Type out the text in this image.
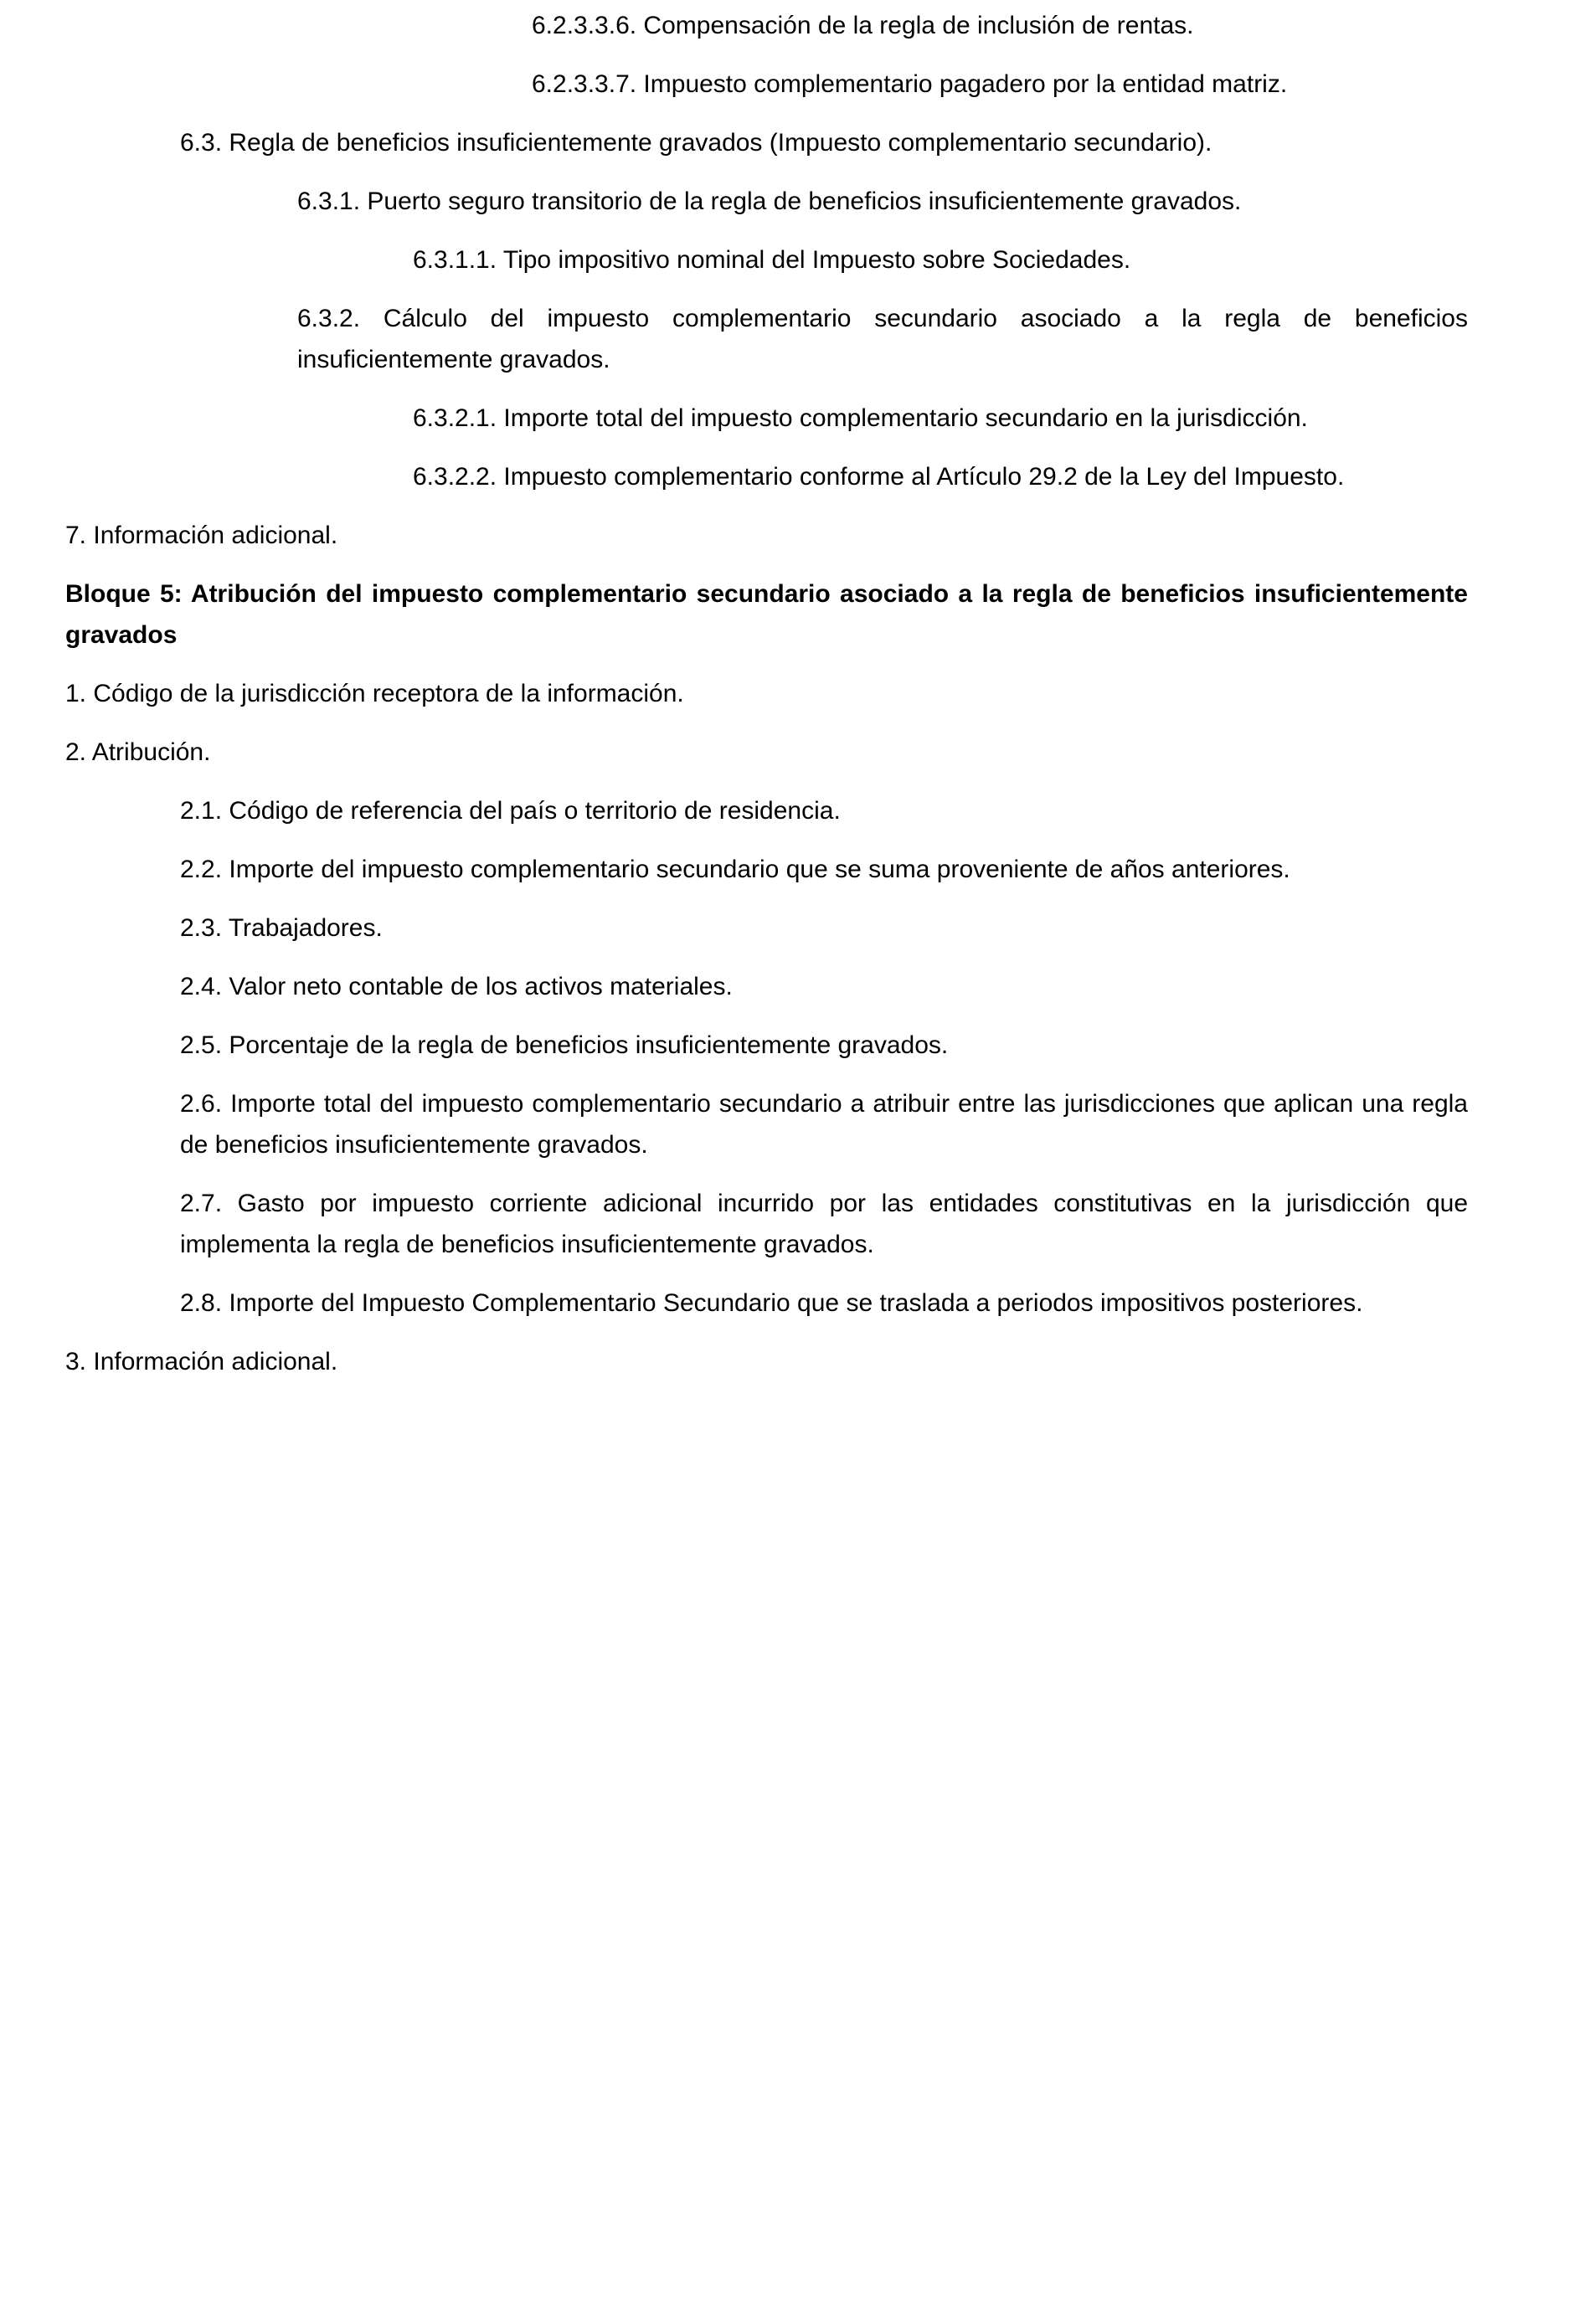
6.2.3.3.6. Compensación de la regla de inclusión de rentas.

6.2.3.3.7. Impuesto complementario pagadero por la entidad matriz.

6.3. Regla de beneficios insuficientemente gravados (Impuesto complementario secundario).

6.3.1. Puerto seguro transitorio de la regla de beneficios insuficientemente gravados.

6.3.1.1. Tipo impositivo nominal del Impuesto sobre Sociedades.

6.3.2. Cálculo del impuesto complementario secundario asociado a la regla de beneficios insuficientemente gravados.

6.3.2.1. Importe total del impuesto complementario secundario en la jurisdicción.

6.3.2.2. Impuesto complementario conforme al Artículo 29.2 de la Ley del Impuesto.

7. Información adicional.

Bloque 5: Atribución del impuesto complementario secundario asociado a la regla de beneficios insuficientemente gravados

1. Código de la jurisdicción receptora de la información.

2. Atribución.

2.1. Código de referencia del país o territorio de residencia.

2.2. Importe del impuesto complementario secundario que se suma proveniente de años anteriores.

2.3. Trabajadores.

2.4. Valor neto contable de los activos materiales.

2.5. Porcentaje de la regla de beneficios insuficientemente gravados.

2.6. Importe total del impuesto complementario secundario a atribuir entre las jurisdicciones que aplican una regla de beneficios insuficientemente gravados.

2.7. Gasto por impuesto corriente adicional incurrido por las entidades constitutivas en la jurisdicción que implementa la regla de beneficios insuficientemente gravados.

2.8. Importe del Impuesto Complementario Secundario que se traslada a periodos impositivos posteriores.

3. Información adicional.
